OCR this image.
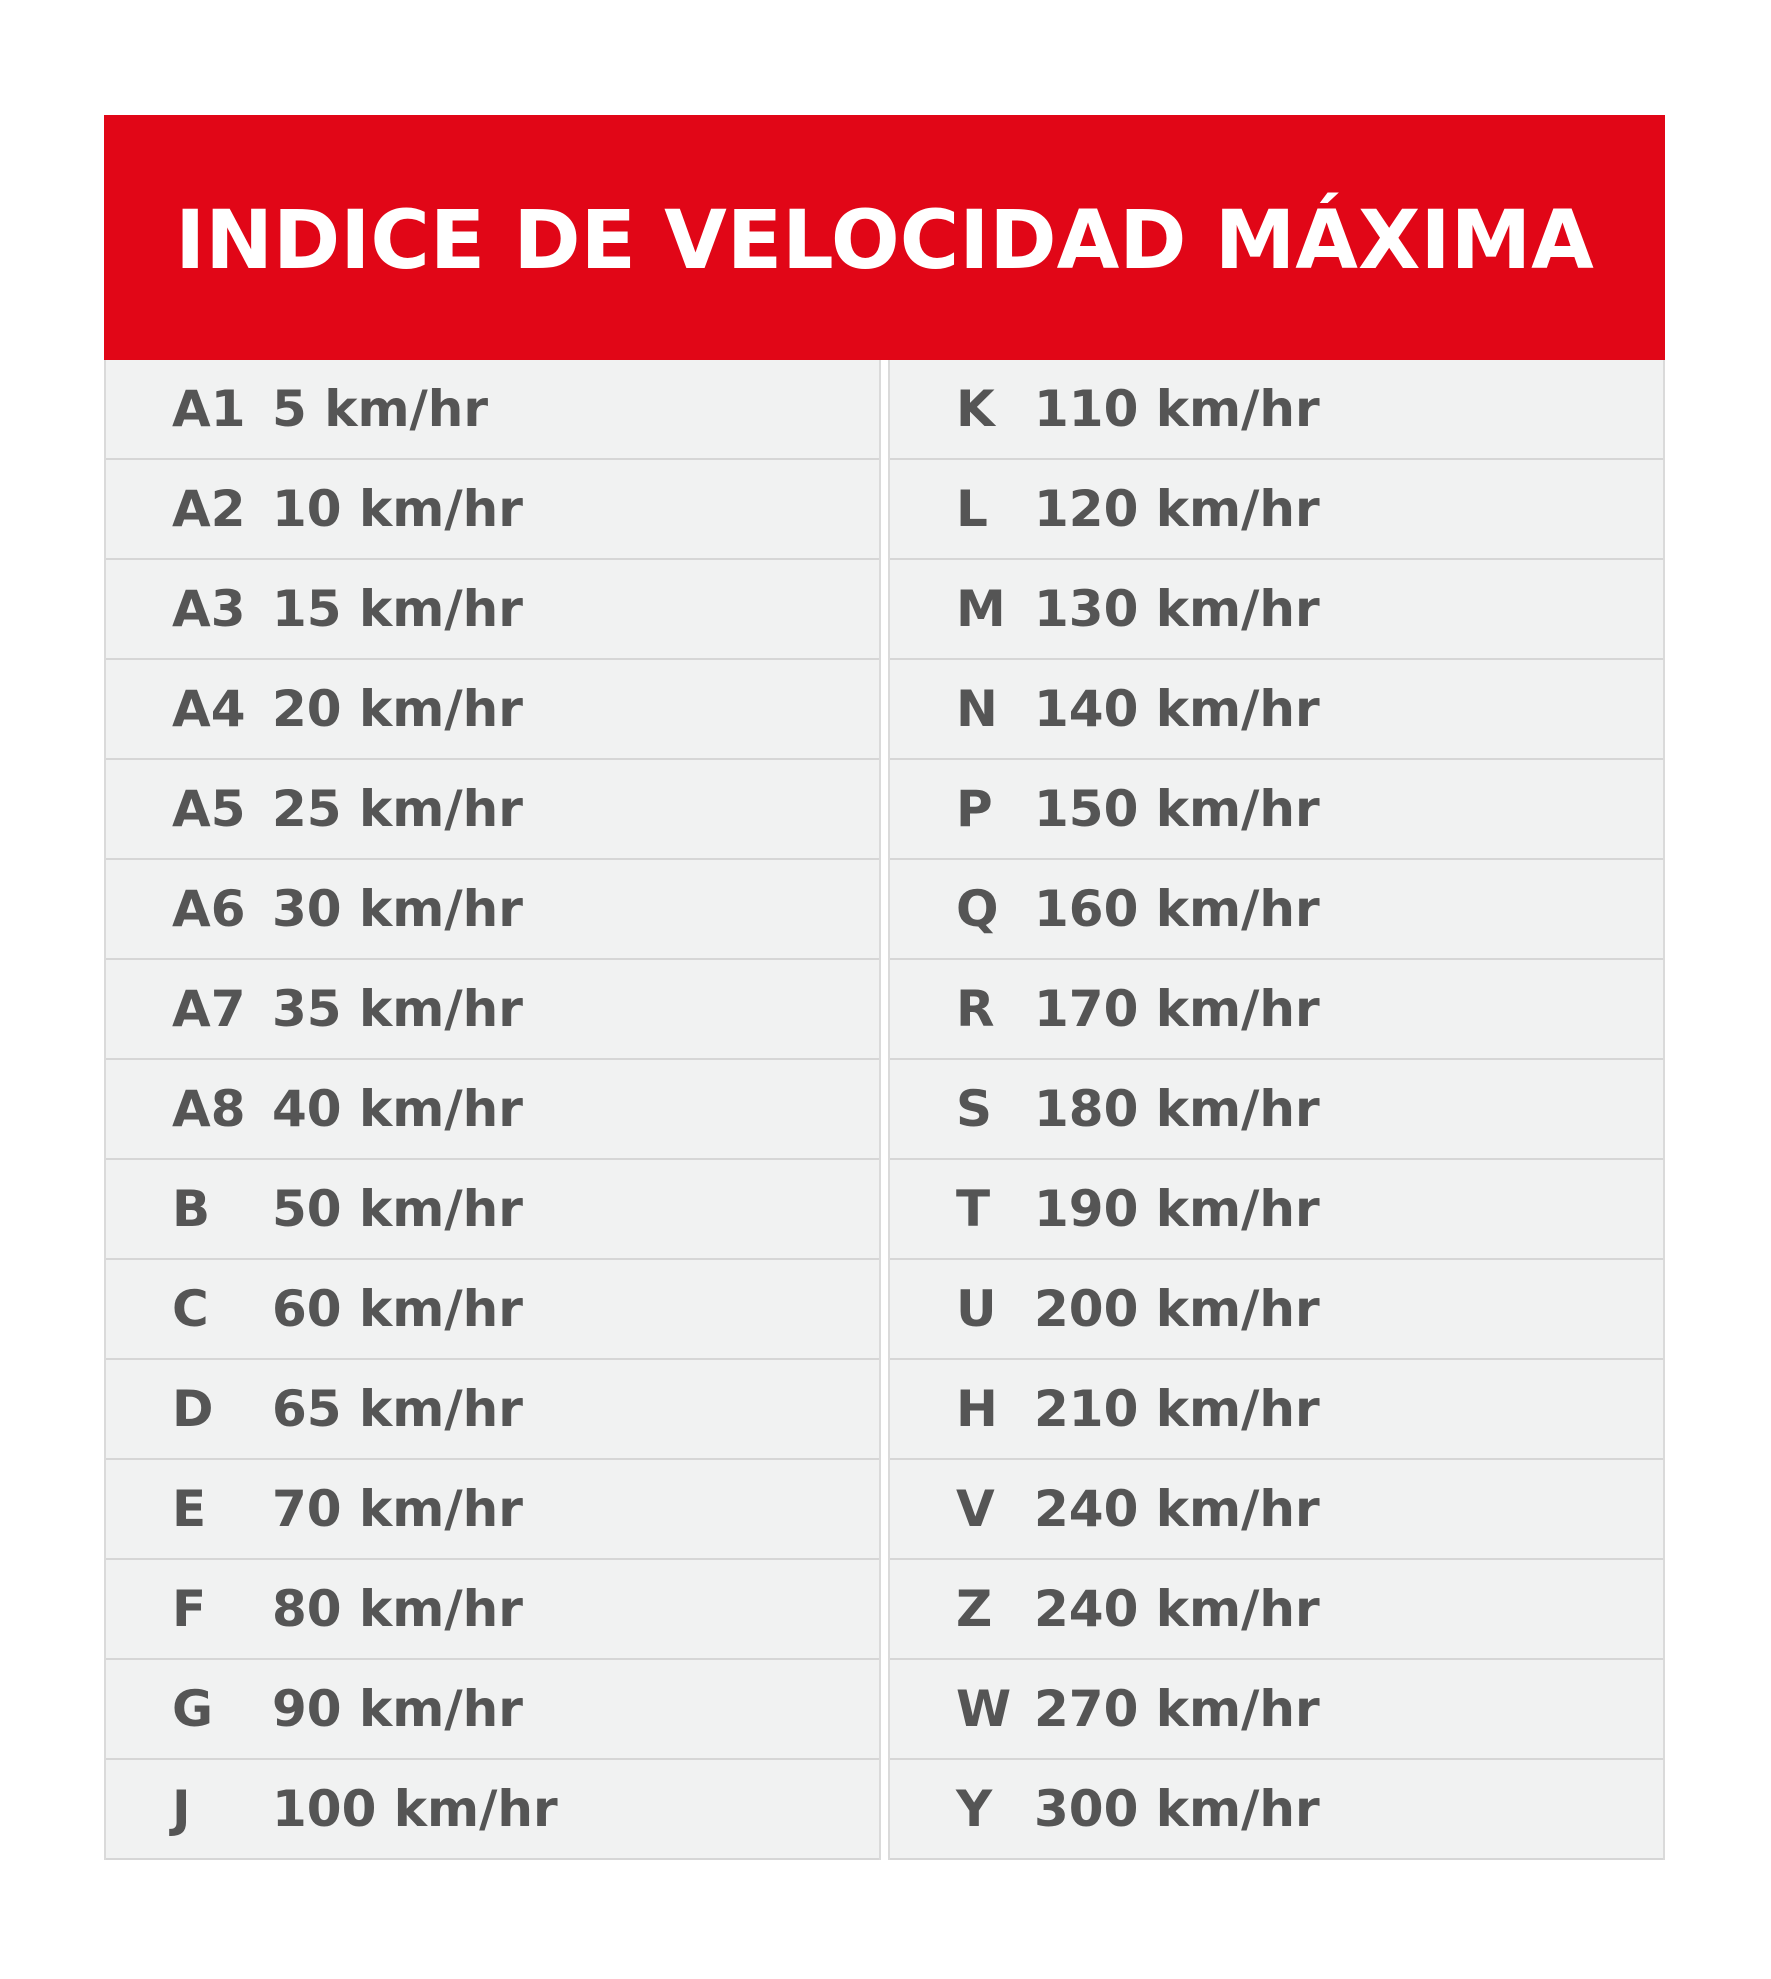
INDICE DE VELOCIDAD MÁXIMA
A1 5 km/hr
A2 10 km/hr
A3 15 km/hr
A4 20 km/hr
A5 25 km/hr
A6 30 km/hr
A7 35 km/hr
A8 40 km/hr
B	50 km/hr
C	60 km/hr
D	65 km/hr
E	70 km/hr
F	80 km/hr
G	90 km/hr
J	100 km/hr
K 110 km/hr
L 120 km/hr
M 130 km/hr
N 140 km/hr
P 150 km/hr
Q 160 km/hr
R 170 km/hr
S 180 km/hr
T 190 km/hr
U 200 km/hr
H 210 km/hr
V 240 km/hr
Z 240 km/hr
W 270 km/hr
Y 300 km/hr
